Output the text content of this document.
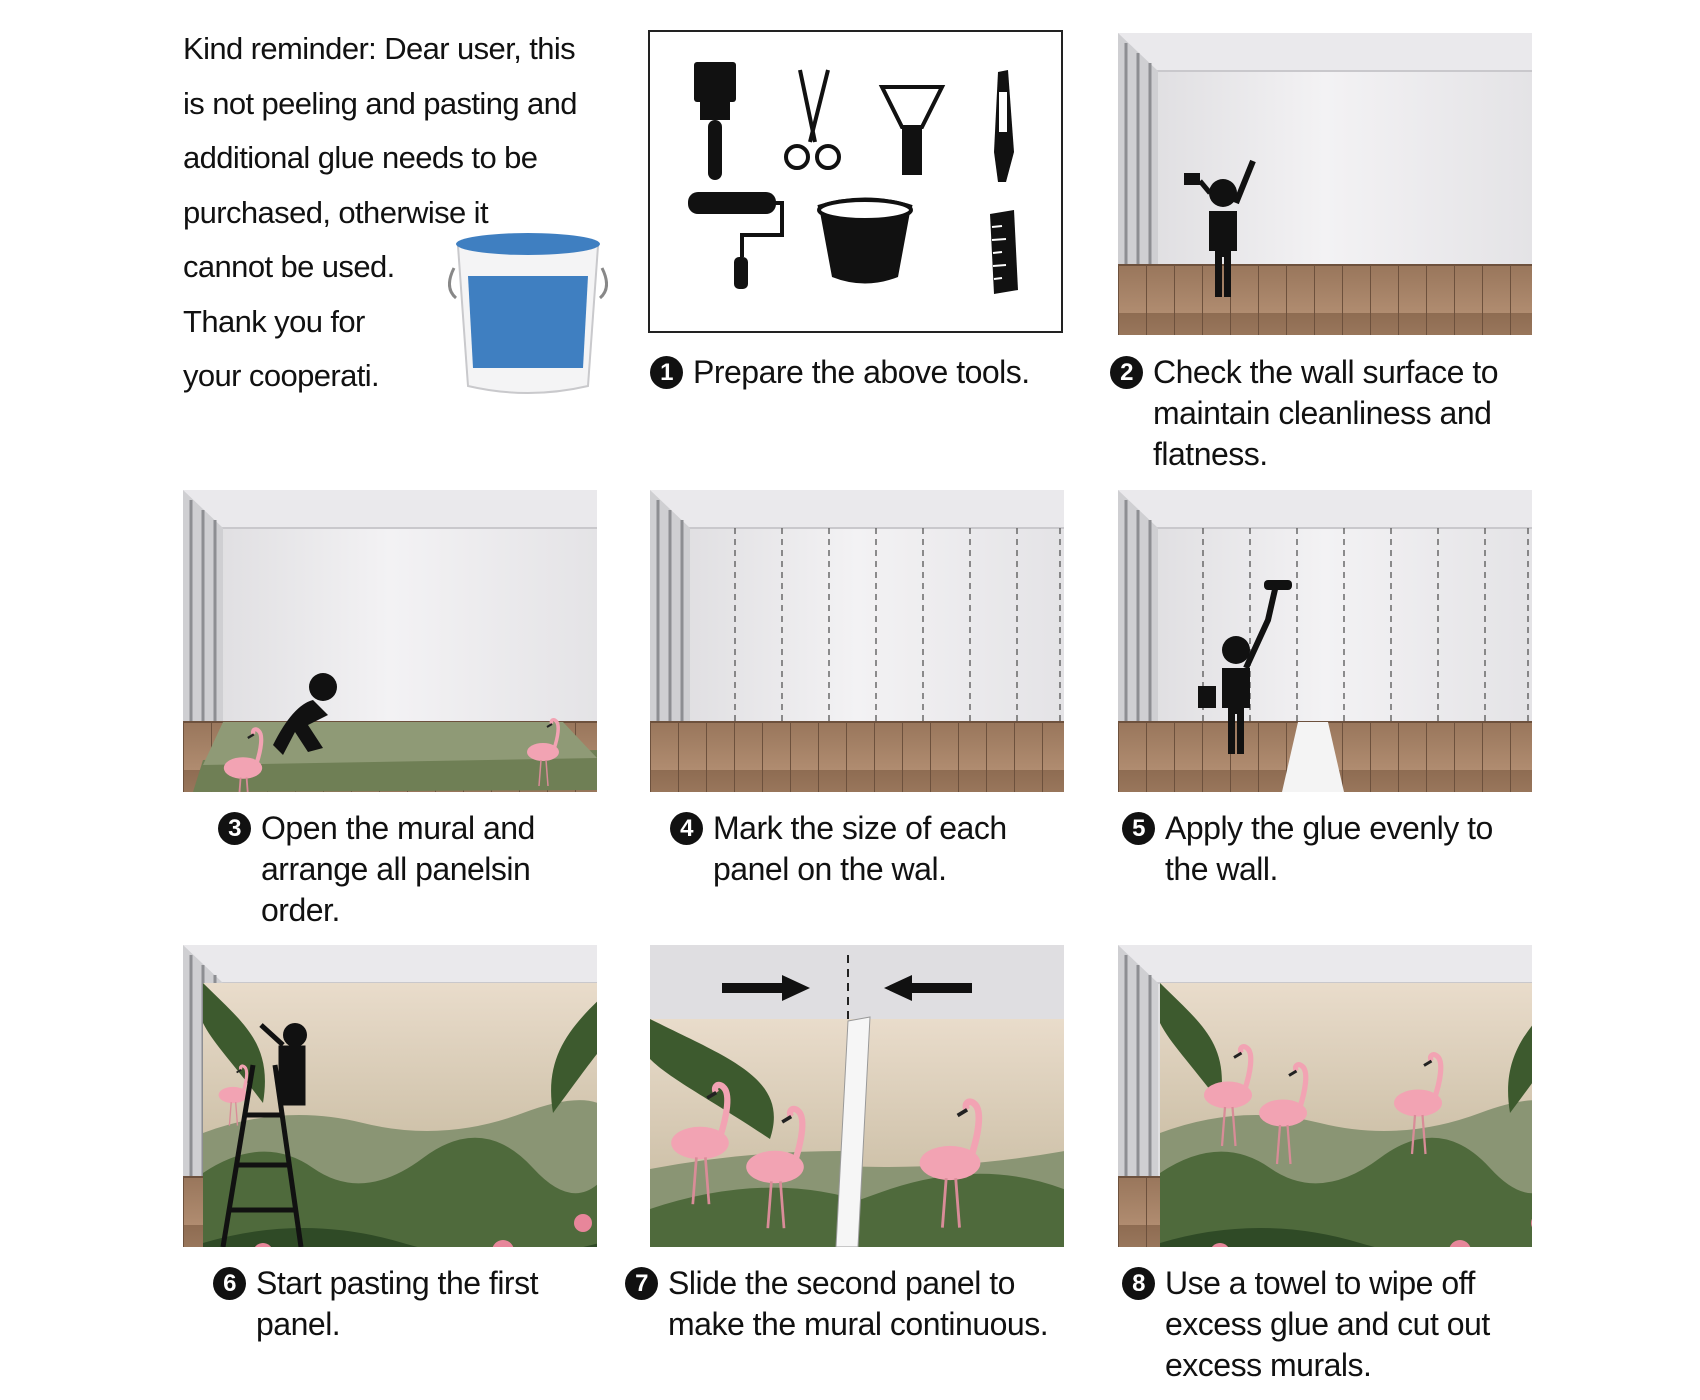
Kind reminder: Dear user, this
is not peeling and pasting and
additional glue needs to be
purchased, otherwise it
cannot be used.
Thank you for
your cooperati.	1 Prepare the above tools.	2 Check the wall surface to
maintain cleanliness and
flatness.
3 Open the mural and
arrange all panelsin
order.
4 Mark the size of each
panel on the wal.
5 Apply the glue evenly to
the wall.
6 Start pasting the first
panel.
7 Slide the second panel to
make the mural continuous.
8 Use a towel to wipe off
excess glue and cut out
excess murals.
